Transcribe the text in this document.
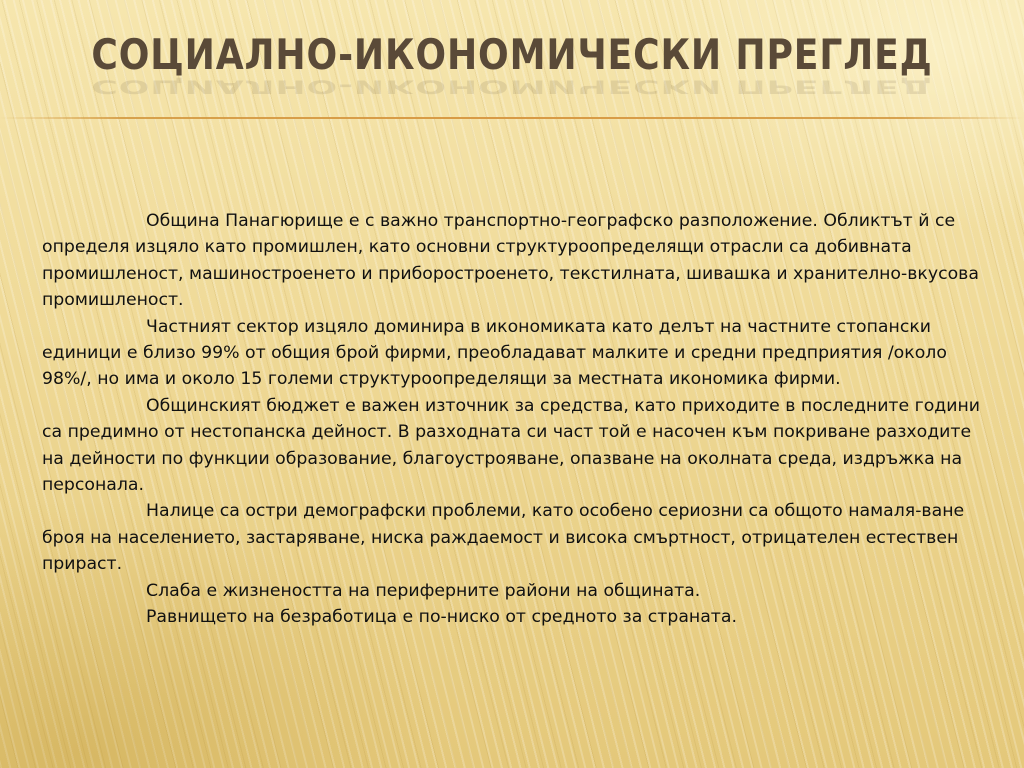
СОЦИАЛНО-ИКОНОМИЧЕСКИ ПРЕГЛЕД
СОЦИАЛНО-ИКОНОМИЧЕСКИ ПРЕГЛЕД

Община Панагюрище е с важно транспортно-географско разположение. Обликтът й се определя изцяло като промишлен, като основни структуроопределящи отрасли са добивната промишленост, машиностроенето и приборостроенето, текстилната, шивашка и хранително-вкусова промишленост.

Частният сектор изцяло доминира в икономиката като делът на частните стопански единици е близо 99% от общия брой фирми, преобладават малките и средни предприятия /около 98%/, но има и около 15 големи структуроопределящи за местната икономика фирми.

Общинският бюджет е важен източник за средства, като приходите в последните години са предимно от нестопанска дейност. В разходната си част той е насочен към покриване разходите на дейности по функции образование, благоустрояване, опазване на околната среда, издръжка на персонала.

Налице са остри демографски проблеми, като особено сериозни са общото намаля-ване броя на населението, застаряване, ниска раждаемост и висока смъртност, отрицателен естествен прираст.

Слаба е жизнеността на периферните райони на общината.

Равнището на безработица е по-ниско от средното за страната.
